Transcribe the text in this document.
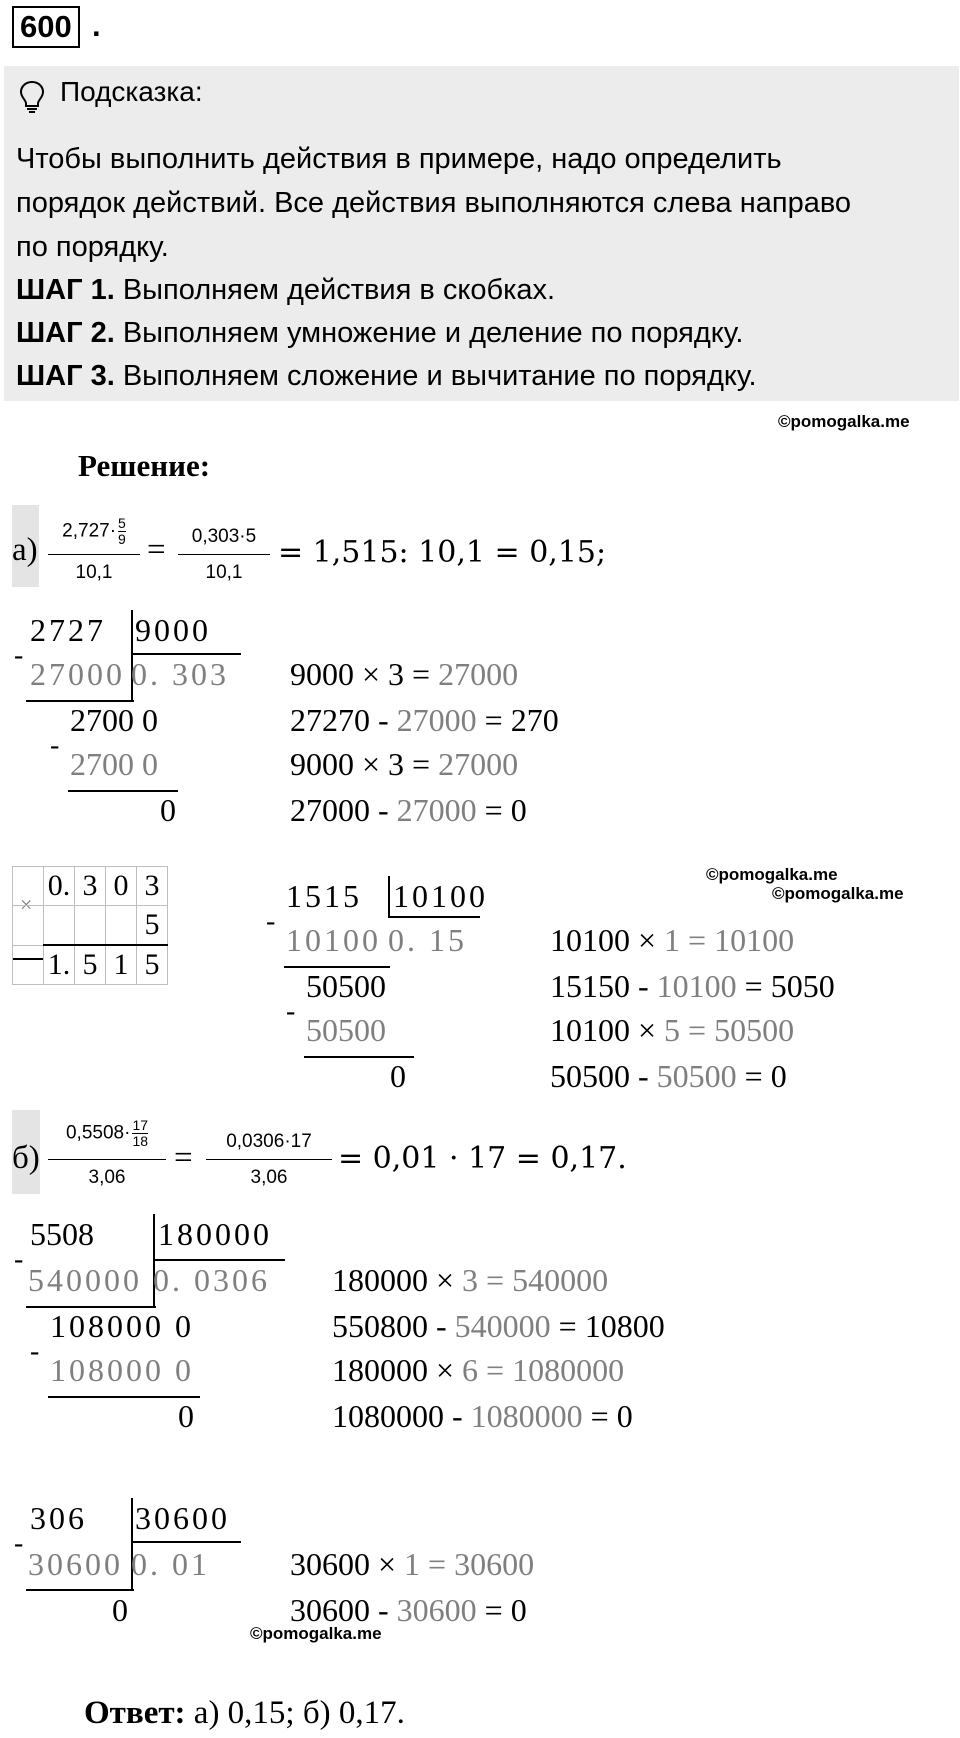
600 .
Подсказка:
Чтобы выполнить действия в примере, надо определить
порядок действий. Все действия выполняются слева направо
по порядку.
ШАГ 1. Выполняем действия в скобках.
ШАГ 2. Выполняем умножение и деление по порядку.
ШАГ 3. Выполняем сложение и вычитание по порядку.
©pomogalka.me
Решение:
а)
$2,727\cdot \frac{5}{9}$
10,1
=	0,303·5
10,1
= 1,515: 10,1 = 0,15;
2727 9000
-
27000 0. 303
2700 0
-
2700 0
0
9000 × 3 = 27000
27270 - 27000 = 270
9000 × 3 = 27000
27000 - 27000 = 0
×
	0.	3	0	3
				5
	1.	5	1	5
1515 10100
-
10100 0. 15
50500
-
50500
0
©pomogalka.me
©pomogalka.me
10100 × 1 = 10100
15150 - 10100 = 5050
10100 × 5 = 50500
50500 - 50500 = 0
б)
$0,5508\cdot \frac{17}{18}$
3,06
=	0,0306·17
3,06
= 0,01 · 17 = 0,17.
5508 180000
-
540000 0. 0306
108000 0
-
108000 0
0
180000 × 3 = 540000
550800 - 540000 = 10800
180000 × 6 = 1080000
1080000 - 1080000 = 0
306 30600
-
30600 0. 01
0
30600 × 1 = 30600
30600 - 30600 = 0
©pomogalka.me
Ответ: а) 0,15; б) 0,17.
